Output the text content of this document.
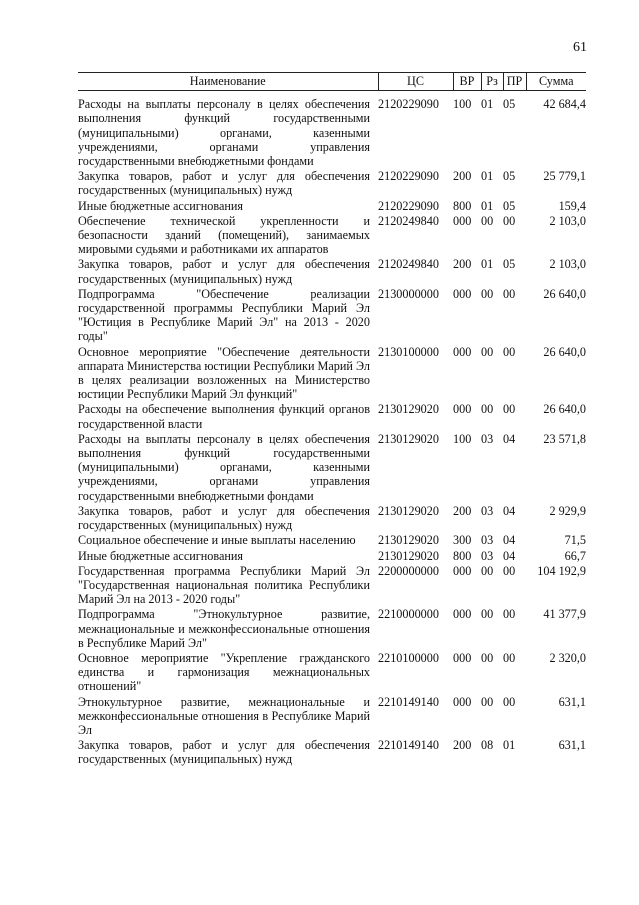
61
Наименование	ЦС	ВР	Рз	ПР	Сумма

Расходы на выплаты персоналу в целях обеспечения выполнения функций государственными (муниципальными) органами, казенными учреждениями, органами управления государственными внебюджетными фондами	2120229090	100	01	05	42 684,4
Закупка товаров, работ и услуг для обеспечения государственных (муниципальных) нужд	2120229090	200	01	05	25 779,1
Иные бюджетные ассигнования	2120229090	800	01	05	159,4
Обеспечение технической укрепленности и безопасности зданий (помещений), занимаемых мировыми судьями и работниками их аппаратов	2120249840	000	00	00	2 103,0
Закупка товаров, работ и услуг для обеспечения государственных (муниципальных) нужд	2120249840	200	01	05	2 103,0
Подпрограмма "Обеспечение реализации государственной программы Республики Марий Эл "Юстиция в Республике Марий Эл" на 2013 - 2020 годы"	2130000000	000	00	00	26 640,0
Основное мероприятие "Обеспечение деятельности аппарата Министерства юстиции Республики Марий Эл в целях реализации возложенных на Министерство юстиции Республики Марий Эл функций"	2130100000	000	00	00	26 640,0
Расходы на обеспечение выполнения функций органов государственной власти	2130129020	000	00	00	26 640,0
Расходы на выплаты персоналу в целях обеспечения выполнения функций государственными (муниципальными) органами, казенными учреждениями, органами управления государственными внебюджетными фондами	2130129020	100	03	04	23 571,8
Закупка товаров, работ и услуг для обеспечения государственных (муниципальных) нужд	2130129020	200	03	04	2 929,9
Социальное обеспечение и иные выплаты населению	2130129020	300	03	04	71,5
Иные бюджетные ассигнования	2130129020	800	03	04	66,7
Государственная программа Республики Марий Эл "Государственная национальная политика Республики Марий Эл на 2013 - 2020 годы"	2200000000	000	00	00	104 192,9
Подпрограмма "Этнокультурное развитие, межнациональные и межконфессиональные отношения в Республике Марий Эл"	2210000000	000	00	00	41 377,9
Основное мероприятие "Укрепление гражданского единства и гармонизация межнациональных отношений"	2210100000	000	00	00	2 320,0
Этнокультурное развитие, межнациональные и межконфессиональные отношения в Республике Марий Эл	2210149140	000	00	00	631,1
Закупка товаров, работ и услуг для обеспечения государственных (муниципальных) нужд	2210149140	200	08	01	631,1
